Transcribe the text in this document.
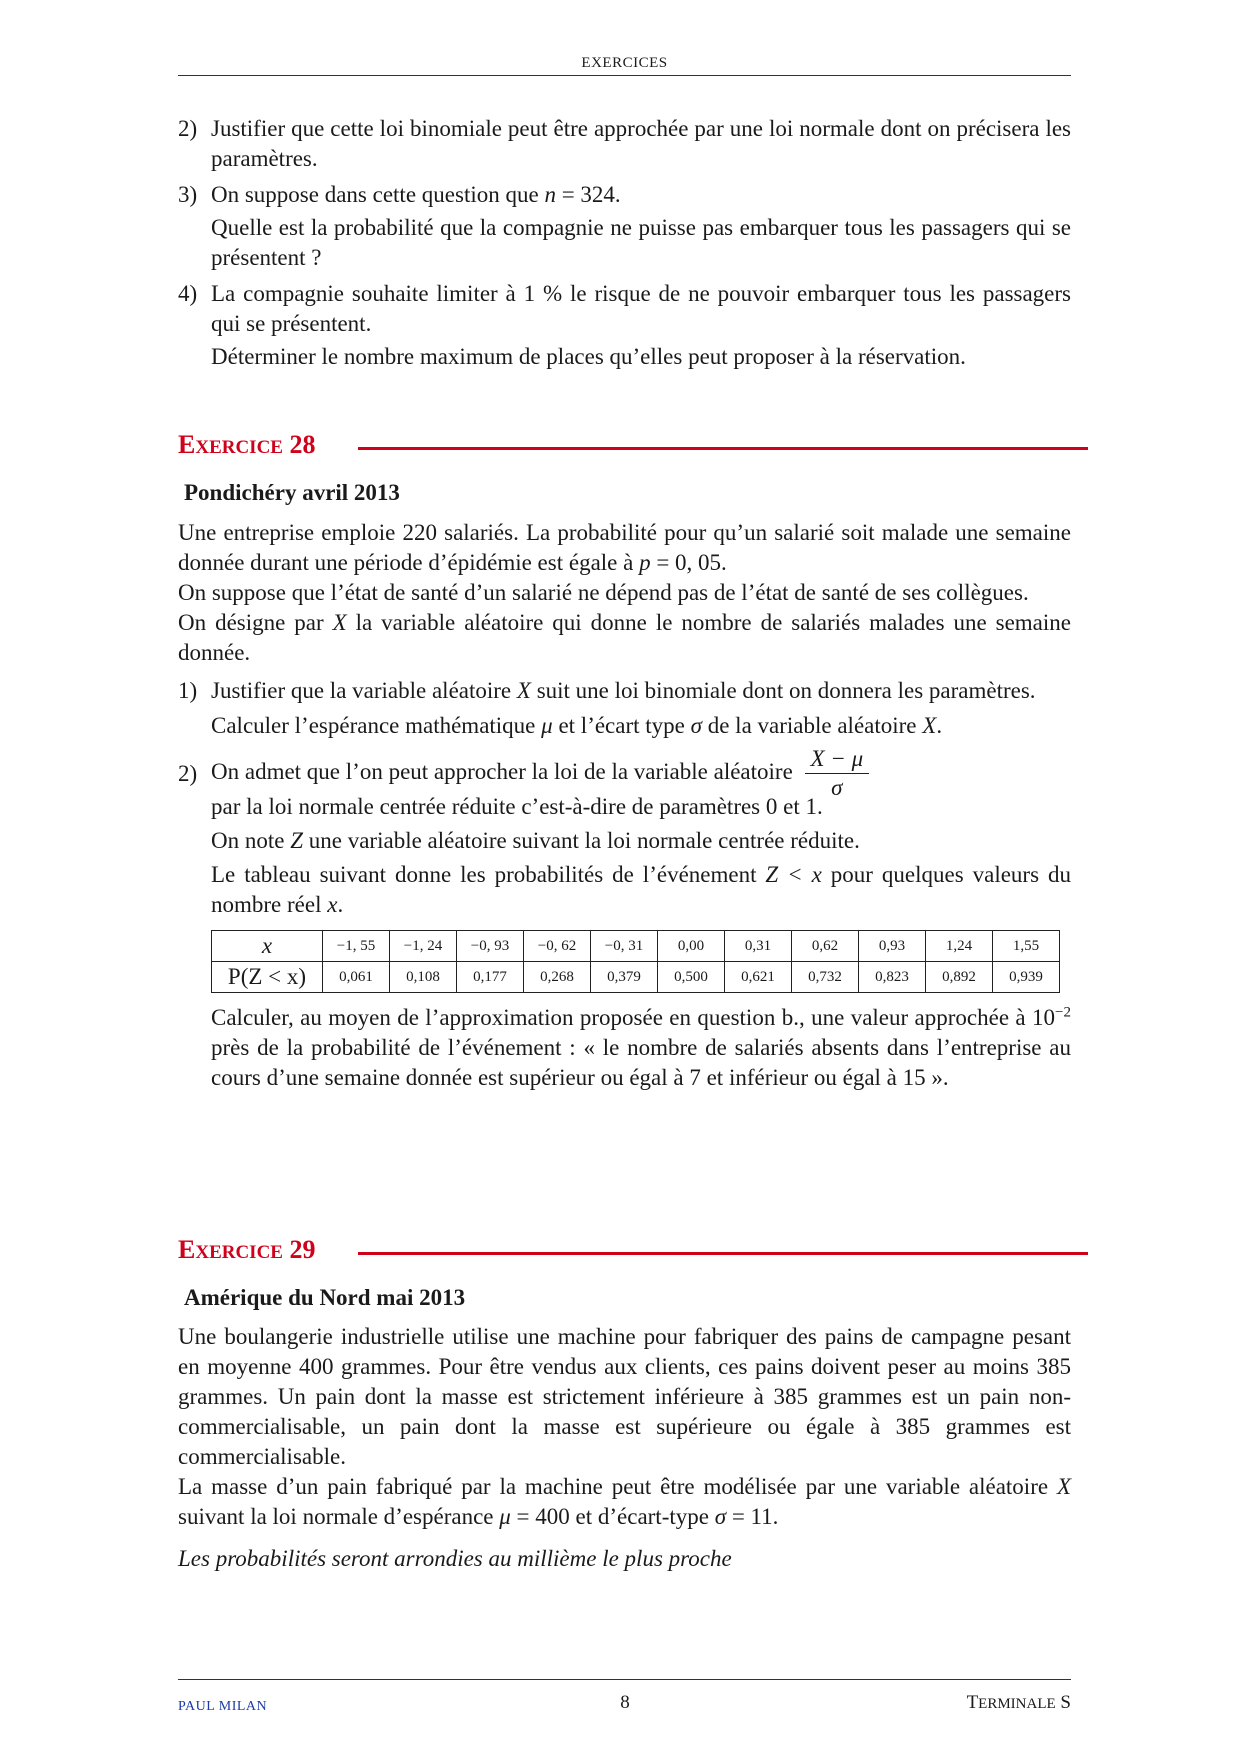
EXERCICES
2) Justifier que cette loi binomiale peut être approchée par une loi normale dont on précisera les paramètres.
3) On suppose dans cette question que n = 324.
Quelle est la probabilité que la compagnie ne puisse pas embarquer tous les passagers qui se présentent ?
4) La compagnie souhaite limiter à 1 % le risque de ne pouvoir embarquer tous les passagers qui se présentent.
Déterminer le nombre maximum de places qu’elles peut proposer à la réservation.
EXERCICE 28
Pondichéry avril 2013

Une entreprise emploie 220 salariés. La probabilité pour qu’un salarié soit malade une semaine donnée durant une période d’épidémie est égale à p = 0, 05.

On suppose que l’état de santé d’un salarié ne dépend pas de l’état de santé de ses collègues.

On désigne par X la variable aléatoire qui donne le nombre de salariés malades une semaine donnée.

1) Justifier que la variable aléatoire X suit une loi binomiale dont on donnera les paramètres.
Calculer l’espérance mathématique μ et l’écart type σ de la variable aléatoire X.
2) On admet que l’on peut approcher la loi de la variable aléatoire $\frac{X - \mu}{\sigma}$
par la loi normale centrée réduite c’est-à-dire de paramètres 0 et 1.
On note Z une variable aléatoire suivant la loi normale centrée réduite.
Le tableau suivant donne les probabilités de l’événement Z < x pour quelques valeurs du nombre réel x.
x	−1, 55	−1, 24	−0, 93	−0, 62	−0, 31	0,00	0,31	0,62	0,93	1,24	1,55
P(Z < x)	0,061	0,108	0,177	0,268	0,379	0,500	0,621	0,732	0,823	0,892	0,939
Calculer, au moyen de l’approximation proposée en question b., une valeur approchée à $10^{-2}$ près de la probabilité de l’événement : « le nombre de salariés absents dans l’entreprise au cours d’une semaine donnée est supérieur ou égal à 7 et inférieur ou égal à 15 ».
EXERCICE 29
Amérique du Nord mai 2013

Une boulangerie industrielle utilise une machine pour fabriquer des pains de campagne pesant en moyenne 400 grammes. Pour être vendus aux clients, ces pains doivent peser au moins 385 grammes. Un pain dont la masse est strictement inférieure à 385 grammes est un pain non-commercialisable, un pain dont la masse est supérieure ou égale à 385 grammes est commercialisable.

La masse d’un pain fabriqué par la machine peut être modélisée par une variable aléatoire X suivant la loi normale d’espérance μ = 400 et d’écart-type σ = 11.

Les probabilités seront arrondies au millième le plus proche

PAUL MILAN	8	TERMINALE S
